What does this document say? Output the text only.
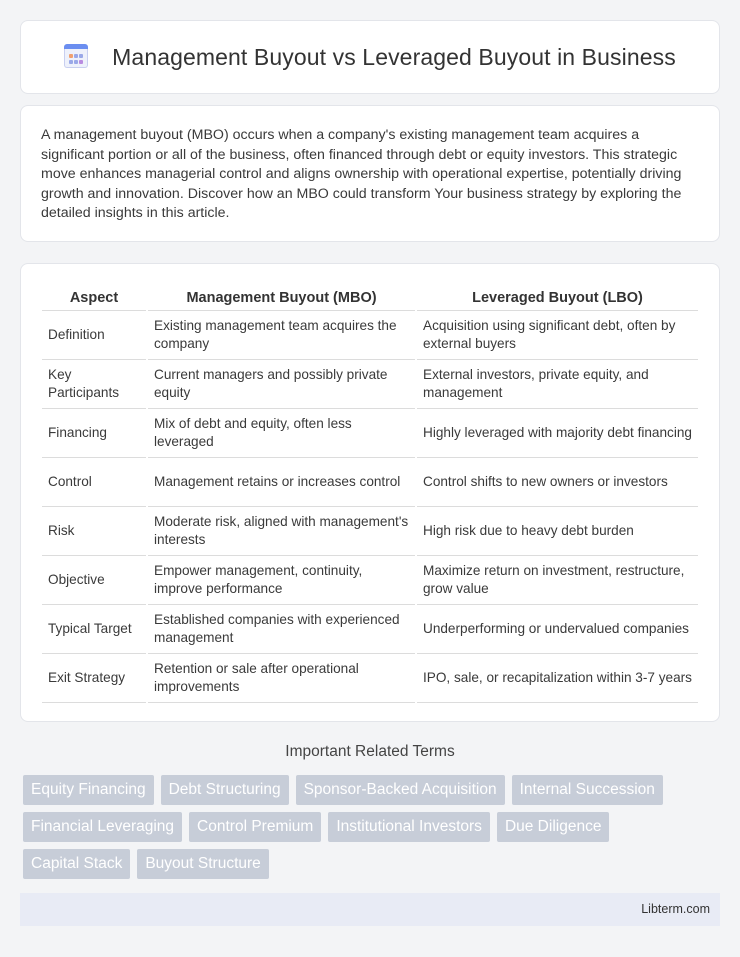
Management Buyout vs Leveraged Buyout in Business

A management buyout (MBO) occurs when a company's existing management team acquires a significant portion or all of the business, often financed through debt or equity investors. This strategic move enhances managerial control and aligns ownership with operational expertise, potentially driving growth and innovation. Discover how an MBO could transform Your business strategy by exploring the detailed insights in this article.

Aspect	Management Buyout (MBO)	Leveraged Buyout (LBO)
Definition	Existing management team acquires the company	Acquisition using significant debt, often by external buyers
Key Participants	Current managers and possibly private equity	External investors, private equity, and management
Financing	Mix of debt and equity, often less leveraged	Highly leveraged with majority debt financing
Control	Management retains or increases control	Control shifts to new owners or investors
Risk	Moderate risk, aligned with management's interests	High risk due to heavy debt burden
Objective	Empower management, continuity, improve performance	Maximize return on investment, restructure, grow value
Typical Target	Established companies with experienced management	Underperforming or undervalued companies
Exit Strategy	Retention or sale after operational improvements	IPO, sale, or recapitalization within 3-7 years
Important Related Terms
Equity Financing	Debt Structuring	Sponsor-Backed Acquisition	Internal Succession
Financial Leveraging	Control Premium	Institutional Investors	Due Diligence
Capital Stack	Buyout Structure
Libterm.com
